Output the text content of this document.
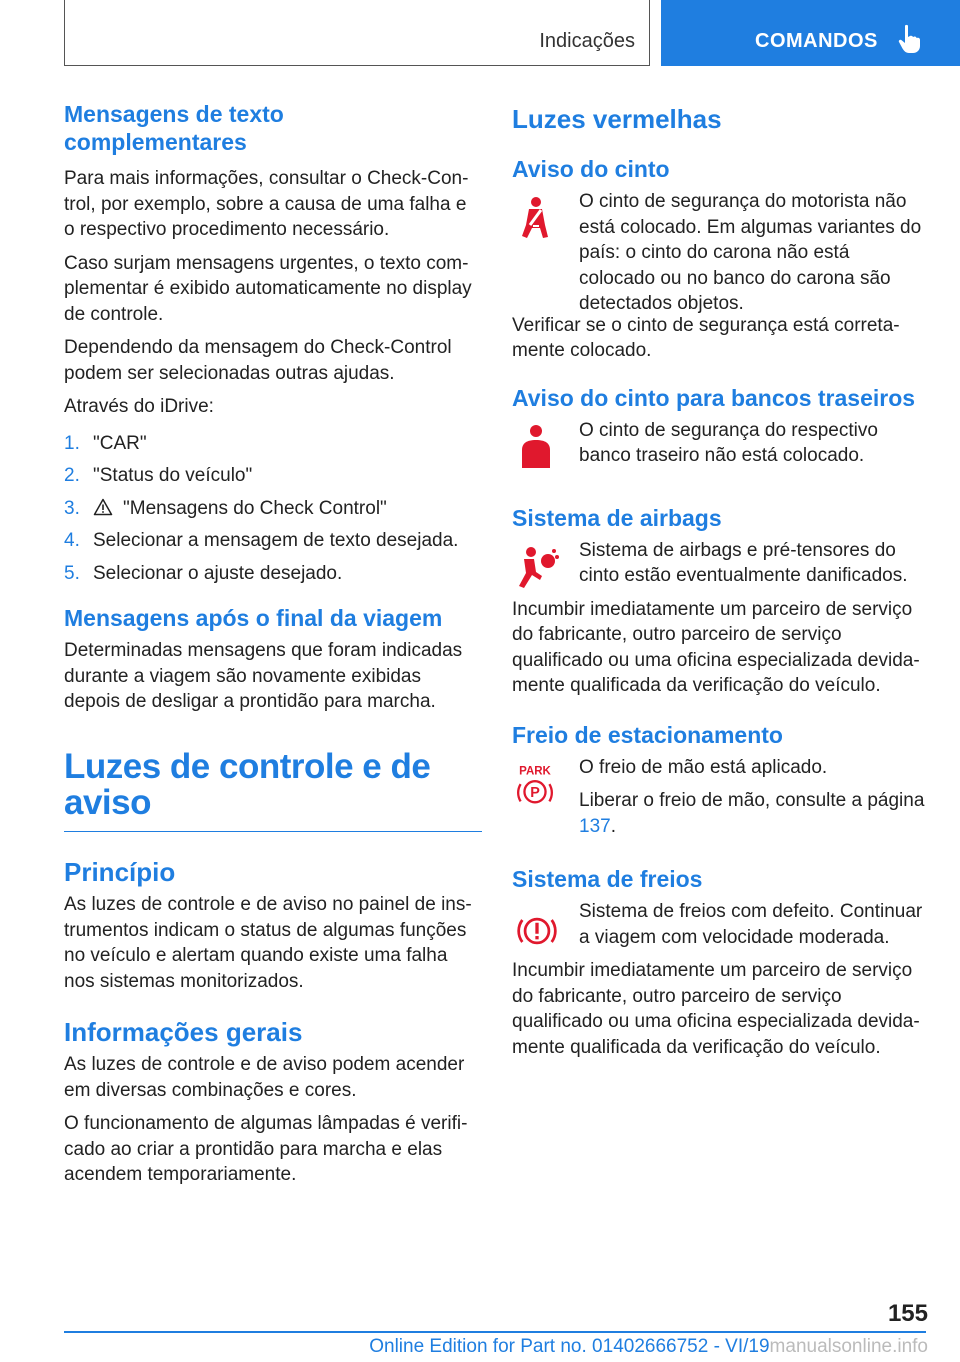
Indicações	COMANDOS
Mensagens de texto complementares

Para mais informações, consultar o Check-Con-trol, por exemplo, sobre a causa de uma falha e o respectivo procedimento necessário.

Caso surjam mensagens urgentes, o texto com-plementar é exibido automaticamente no display de controle.

Dependendo da mensagem do Check-Control podem ser selecionadas outras ajudas.

Através do iDrive:

1. "CAR"
2. "Status do veículo"
3. "Mensagens do Check Control"
4. Selecionar a mensagem de texto desejada.
5. Selecionar o ajuste desejado.
Mensagens após o final da viagem

Determinadas mensagens que foram indicadas durante a viagem são novamente exibidas depois de desligar a prontidão para marcha.

Luzes de controle e de aviso
Princípio

As luzes de controle e de aviso no painel de ins-trumentos indicam o status de algumas funções no veículo e alertam quando existe uma falha nos sistemas monitorizados.

Informações gerais

As luzes de controle e de aviso podem acender em diversas combinações e cores.

O funcionamento de algumas lâmpadas é verifi-cado ao criar a prontidão para marcha e elas acendem temporariamente.

Luzes vermelhas
Aviso do cinto

O cinto de segurança do motorista não está colocado. Em algumas variantes do país: o cinto do carona não está colocado ou no banco do carona são detectados objetos.

Verificar se o cinto de segurança está correta-mente colocado.

Aviso do cinto para bancos traseiros

O cinto de segurança do respectivo banco traseiro não está colocado.

Sistema de airbags

Sistema de airbags e pré-tensores do cinto estão eventualmente danificados.

Incumbir imediatamente um parceiro de serviço do fabricante, outro parceiro de serviço qualificado ou uma oficina especializada devida-mente qualificada da verificação do veículo.

Freio de estacionamento
PARK
P

O freio de mão está aplicado.

Liberar o freio de mão, consulte a página
137.

Sistema de freios

Sistema de freios com defeito. Continuar a viagem com velocidade moderada.

Incumbir imediatamente um parceiro de serviço do fabricante, outro parceiro de serviço qualificado ou uma oficina especializada devida-mente qualificada da verificação do veículo.

155
Online Edition for Part no. 01402666752 - VI/19manualsonline.info
